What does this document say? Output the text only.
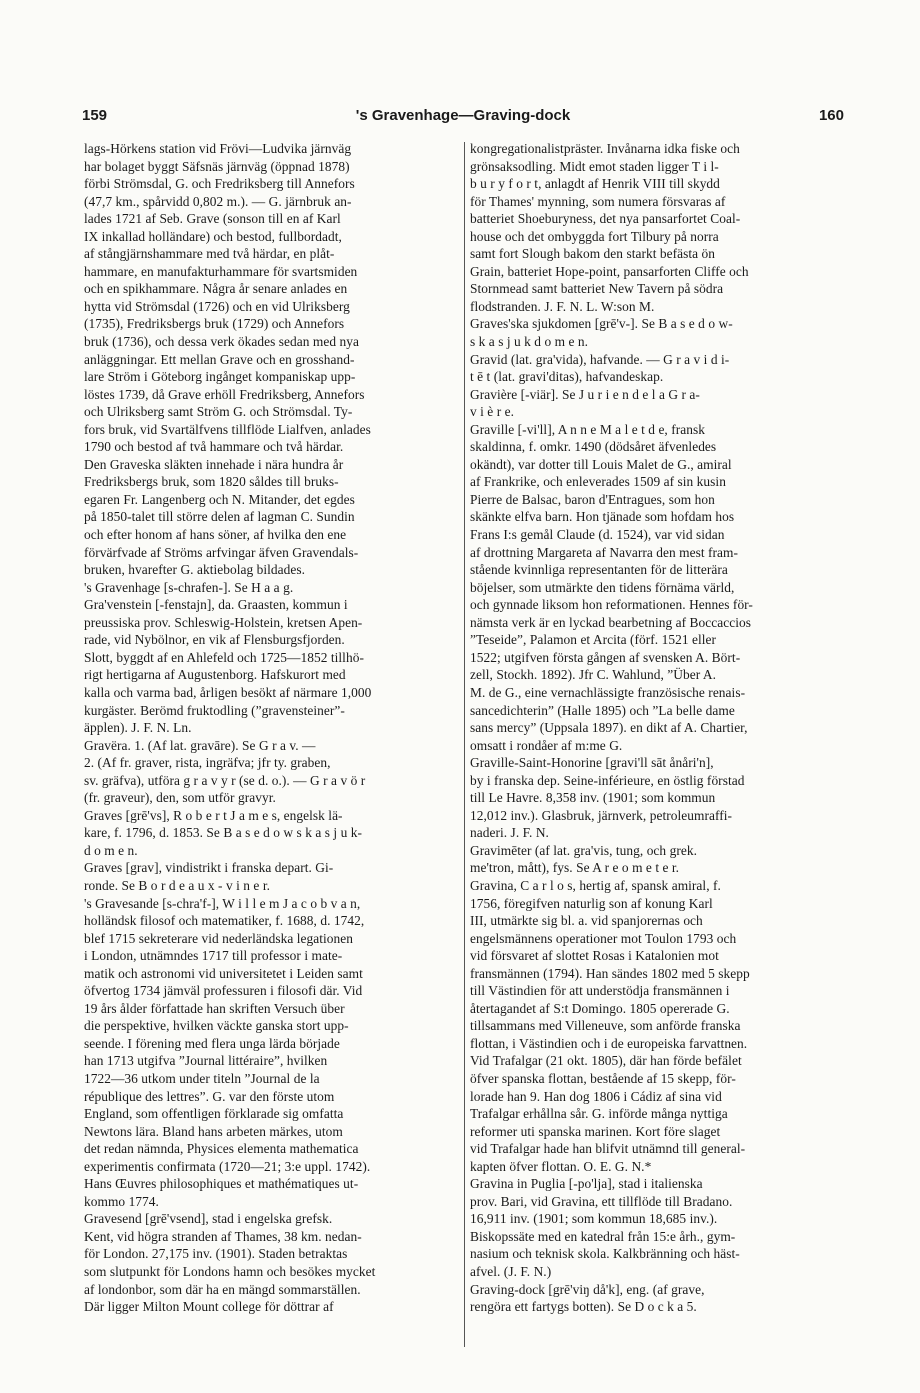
159	's Gravenhage—Graving-dock	160
lags-Hörkens station vid Frövi—Ludvika järnväg
har bolaget byggt Säfsnäs järnväg (öppnad 1878)
förbi Strömsdal, G. och Fredriksberg till Annefors
(47,7 km., spårvidd 0,802 m.). — G. järnbruk an-
lades 1721 af Seb. Grave (sonson till en af Karl
IX inkallad holländare) och bestod, fullbordadt,
af stångjärnshammare med två härdar, en plåt-
hammare, en manufakturhammare för svartsmiden
och en spikhammare. Några år senare anlades en
hytta vid Strömsdal (1726) och en vid Ulriksberg
(1735), Fredriksbergs bruk (1729) och Annefors
bruk (1736), och dessa verk ökades sedan med nya
anläggningar. Ett mellan Grave och en grosshand-
lare Ström i Göteborg ingånget kompaniskap upp-
löstes 1739, då Grave erhöll Fredriksberg, Annefors
och Ulriksberg samt Ström G. och Strömsdal. Ty-
fors bruk, vid Svartälfvens tillflöde Lialfven, anlades
1790 och bestod af två hammare och två härdar.
Den Graveska släkten innehade i nära hundra år
Fredriksbergs bruk, som 1820 såldes till bruks-
egaren Fr. Langenberg och N. Mitander, det egdes
på 1850-talet till större delen af lagman C. Sundin
och efter honom af hans söner, af hvilka den ene
förvärfvade af Ströms arfvingar äfven Gravendals-
bruken, hvarefter G. aktiebolag bildades.
's Gravenhage [s-chrafen-]. Se H a a g.
Gra'venstein [-fenstajn], da. Graasten, kommun i
preussiska prov. Schleswig-Holstein, kretsen Apen-
rade, vid Nybölnor, en vik af Flensburgsfjorden.
Slott, byggdt af en Ahlefeld och 1725—1852 tillhö-
rigt hertigarna af Augustenborg. Hafskurort med
kalla och varma bad, årligen besökt af närmare 1,000
kurgäster. Berömd fruktodling (”gravensteiner”-
äpplen). J. F. N. Ln.
Gravëra. 1. (Af lat. gravāre). Se G r a v. —
2. (Af fr. graver, rista, ingräfva; jfr ty. graben,
sv. gräfva), utföra g r a v y r (se d. o.). — G r a v ö r
(fr. graveur), den, som utför gravyr.
Graves [grē'vs], R o b e r t J a m e s, engelsk lä-
kare, f. 1796, d. 1853. Se B a s e d o w s k a s j u k-
d o m e n.
Graves [grav], vindistrikt i franska depart. Gi-
ronde. Se B o r d e a u x - v i n e r.
's Gravesande [s-chra'f-], W i l l e m J a c o b v a n,
holländsk filosof och matematiker, f. 1688, d. 1742,
blef 1715 sekreterare vid nederländska legationen
i London, utnämndes 1717 till professor i mate-
matik och astronomi vid universitetet i Leiden samt
öfvertog 1734 jämväl professuren i filosofi där. Vid
19 års ålder författade han skriften Versuch über
die perspektive, hvilken väckte ganska stort upp-
seende. I förening med flera unga lärda började
han 1713 utgifva ”Journal littéraire”, hvilken
1722—36 utkom under titeln ”Journal de la
république des lettres”. G. var den förste utom
England, som offentligen förklarade sig omfatta
Newtons lära. Bland hans arbeten märkes, utom
det redan nämnda, Physices elementa mathematica
experimentis confirmata (1720—21; 3:e uppl. 1742).
Hans Œuvres philosophiques et mathématiques ut-
kommo 1774.
Gravesend [grē'vsend], stad i engelska grefsk.
Kent, vid högra stranden af Thames, 38 km. nedan-
för London. 27,175 inv. (1901). Staden betraktas
som slutpunkt för Londons hamn och besökes mycket
af londonbor, som där ha en mängd sommarställen.
Där ligger Milton Mount college för döttrar af
kongregationalistpräster. Invånarna idka fiske och
grönsaksodling. Midt emot staden ligger T i l-
b u r y f o r t, anlagdt af Henrik VIII till skydd
för Thames' mynning, som numera försvaras af
batteriet Shoeburyness, det nya pansarfortet Coal-
house och det ombyggda fort Tilbury på norra
samt fort Slough bakom den starkt befästa ön
Grain, batteriet Hope-point, pansarforten Cliffe och
Stornmead samt batteriet New Tavern på södra
flodstranden. J. F. N. L. W:son M.
Graves'ska sjukdomen [grē'v-]. Se B a s e d o w-
s k a s j u k d o m e n.
Gravid (lat. gra'vida), hafvande. — G r a v i d i-
t ē t (lat. gravi'ditas), hafvandeskap.
Gravière [-viär]. Se J u r i e n d e l a G r a-
v i è r e.
Graville [-vi'll], A n n e M a l e t d e, fransk
skaldinna, f. omkr. 1490 (dödsåret äfvenledes
okändt), var dotter till Louis Malet de G., amiral
af Frankrike, och enleverades 1509 af sin kusin
Pierre de Balsac, baron d'Entragues, som hon
skänkte elfva barn. Hon tjänade som hofdam hos
Frans I:s gemål Claude (d. 1524), var vid sidan
af drottning Margareta af Navarra den mest fram-
stående kvinnliga representanten för de litterära
böjelser, som utmärkte den tidens förnäma värld,
och gynnade liksom hon reformationen. Hennes för-
nämsta verk är en lyckad bearbetning af Boccaccios
”Teseide”, Palamon et Arcita (förf. 1521 eller
1522; utgifven första gången af svensken A. Bört-
zell, Stockh. 1892). Jfr C. Wahlund, ”Über A.
M. de G., eine vernachlässigte französische renais-
sancedichterin” (Halle 1895) och ”La belle dame
sans mercy” (Uppsala 1897). en dikt af A. Chartier,
omsatt i rondåer af m:me G.
Graville-Saint-Honorine [gravi'll sāt ånåri'n],
by i franska dep. Seine-inférieure, en östlig förstad
till Le Havre. 8,358 inv. (1901; som kommun
12,012 inv.). Glasbruk, järnverk, petroleumraffi-
naderi. J. F. N.
Gravimēter (af lat. gra'vis, tung, och grek.
me'tron, mått), fys. Se A r e o m e t e r.
Gravina, C a r l o s, hertig af, spansk amiral, f.
1756, föregifven naturlig son af konung Karl
III, utmärkte sig bl. a. vid spanjorernas och
engelsmännens operationer mot Toulon 1793 och
vid försvaret af slottet Rosas i Katalonien mot
fransmännen (1794). Han sändes 1802 med 5 skepp
till Västindien för att understödja fransmännen i
återtagandet af S:t Domingo. 1805 opererade G.
tillsammans med Villeneuve, som anförde franska
flottan, i Västindien och i de europeiska farvattnen.
Vid Trafalgar (21 okt. 1805), där han förde befälet
öfver spanska flottan, bestående af 15 skepp, för-
lorade han 9. Han dog 1806 i Cádiz af sina vid
Trafalgar erhållna sår. G. införde många nyttiga
reformer uti spanska marinen. Kort före slaget
vid Trafalgar hade han blifvit utnämnd till general-
kapten öfver flottan. O. E. G. N.*
Gravina in Puglia [-po'lja], stad i italienska
prov. Bari, vid Gravina, ett tillflöde till Bradano.
16,911 inv. (1901; som kommun 18,685 inv.).
Biskopssäte med en katedral från 15:e årh., gym-
nasium och teknisk skola. Kalkbränning och häst-
afvel. (J. F. N.)
Graving-dock [grē'viŋ då'k], eng. (af grave,
rengöra ett fartygs botten). Se D o c k a 5.
